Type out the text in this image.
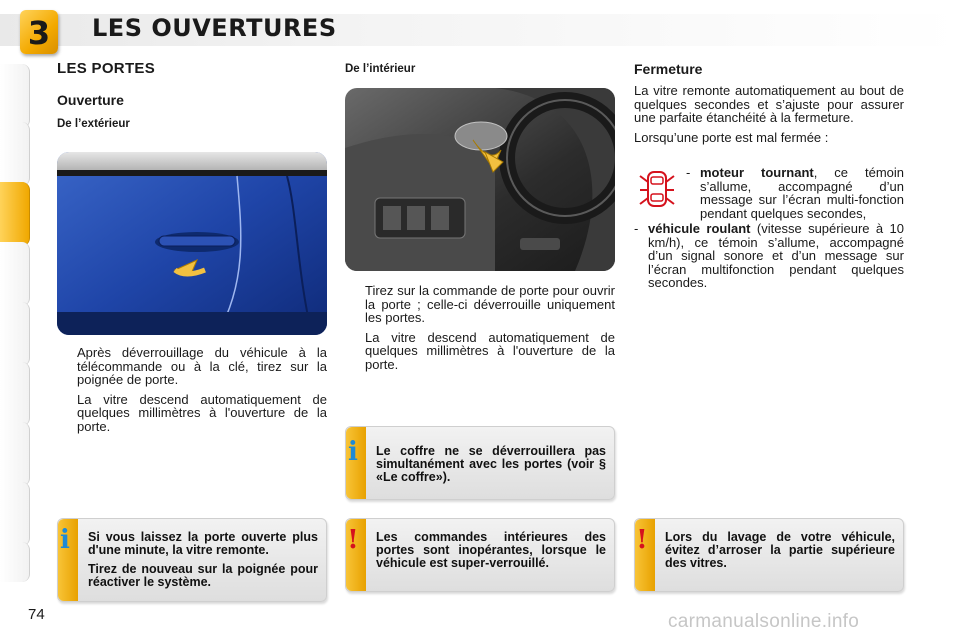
3	LES OUVERTURES
LES PORTES
Ouverture
De l’extérieur

Après déverrouillage du véhicule à la télécommande ou à la clé, tirez sur la poignée de porte.

La vitre descend automatiquement de quelques millimètres à l'ouverture de la porte.

De l’intérieur

Tirez sur la commande de porte pour ouvrir la porte ; celle-ci déverrouille uniquement les portes.

La vitre descend automatiquement de quelques millimètres à l'ouverture de la porte.

Fermeture

La vitre remonte automatiquement au bout de quelques secondes et s’ajuste pour assurer une parfaite étanchéité à la fermeture.

Lorsqu’une porte est mal fermée :

- moteur tournant, ce témoin s’allume, accompagné d’un message sur l’écran multi-fonction pendant quelques secondes,

- véhicule roulant (vitesse supérieure à 10 km/h), ce témoin s’allume, accompagné d’un signal sonore et d’un message sur l’écran multifonction pendant quelques secondes.

i	Le coffre ne se déverrouillera pas simultanément avec les portes (voir § «Le coffre»).
i	Si vous laissez la porte ouverte plus d'une minute, la vitre remonte.

Tirez de nouveau sur la poignée pour réactiver le système.

!	Les commandes intérieures des portes sont inopérantes, lorsque le véhicule est super-verrouillé.
!	Lors du lavage de votre véhicule, évitez d’arroser la partie supérieure des vitres.
74	carmanualsonline.info
